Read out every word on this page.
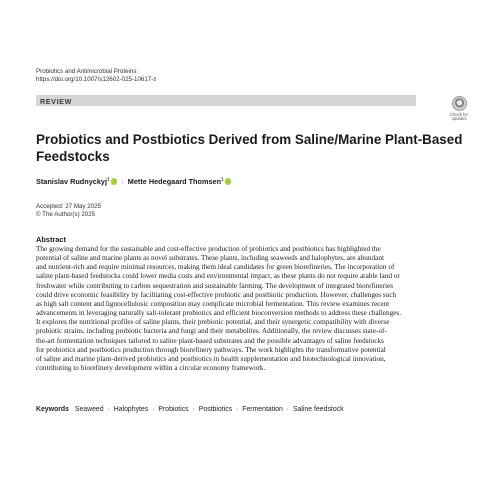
Probiotics and Antimicrobial Proteins
https://doi.org/10.1007/s12602-025-10617-z
REVIEW
Check for
updates
Probiotics and Postbiotics Derived from Saline/Marine Plant-Based
Feedstocks
Stanislav Rudnyckyj$^1$ · Mette Hedegaard Thomsen$^1$
Accepted: 27 May 2025
© The Author(s) 2025
Abstract
The growing demand for the sustainable and cost-effective production of probiotics and postbiotics has highlighted the
potential of saline and marine plants as novel substrates. These plants, including seaweeds and halophytes, are abundant
and nutrient-rich and require minimal resources, making them ideal candidates for green biorefineries. The incorporation of
saline plant-based feedstocks could lower media costs and environmental impact, as these plants do not require arable land or
freshwater while contributing to carbon sequestration and sustainable farming. The development of integrated biorefineries
could drive economic feasibility by facilitating cost-effective probiotic and postbiotic production. However, challenges such
as high salt content and lignocellulosic composition may complicate microbial fermentation. This review examines recent
advancements in leveraging naturally salt-tolerant probiotics and efficient bioconversion methods to address these challenges.
It explores the nutritional profiles of saline plants, their prebiotic potential, and their synergetic compatibility with diverse
probiotic strains, including probiotic bacteria and fungi and their metabolites. Additionally, the review discusses state-of-
the-art fermentation techniques tailored to saline plant-based substrates and the possible advantages of saline feedstocks
for probiotics and postbiotics production through biorefinery pathways. The work highlights the transformative potential
of saline and marine plant-derived probiotics and postbiotics in health supplementation and biotechnological innovation,
contributing to biorefinery development within a circular economy framework.
Keywords Seaweed · Halophytes · Probiotics · Postbiotics · Fermentation · Saline feedstock
